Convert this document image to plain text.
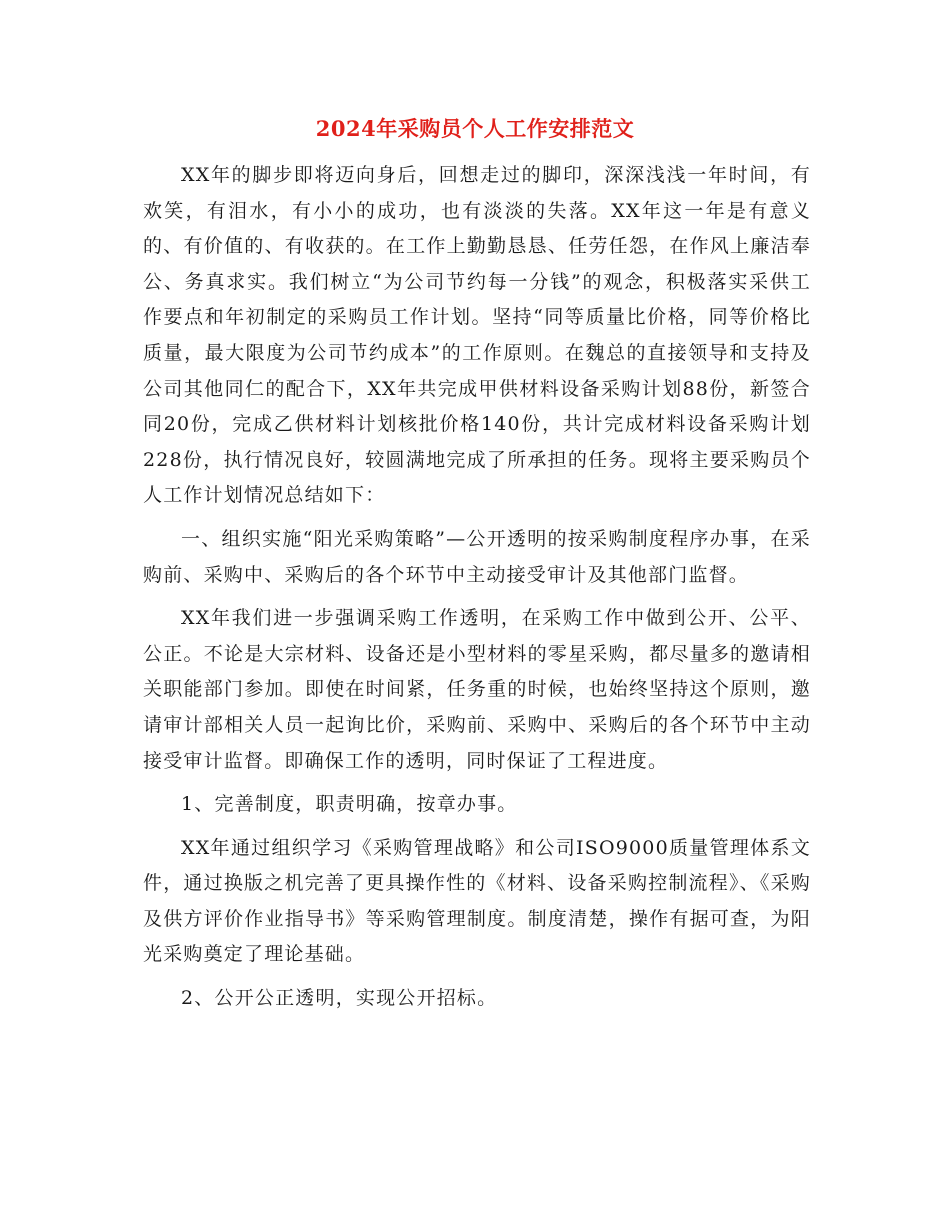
2024年采购员个人工作安排范文

XX年的脚步即将迈向身后，回想走过的脚印，深深浅浅一年时间，有欢笑，有泪水，有小小的成功，也有淡淡的失落。XX年这一年是有意义的、有价值的、有收获的。在工作上勤勤恳恳、任劳任怨，在作风上廉洁奉公、务真求实。我们树立“为公司节约每一分钱”的观念，积极落实采供工作要点和年初制定的采购员工作计划。坚持“同等质量比价格，同等价格比质量，最大限度为公司节约成本”的工作原则。在魏总的直接领导和支持及公司其他同仁的配合下，XX年共完成甲供材料设备采购计划88份，新签合同20份，完成乙供材料计划核批价格140份，共计完成材料设备采购计划228份，执行情况良好，较圆满地完成了所承担的任务。现将主要采购员个人工作计划情况总结如下：

一、组织实施“阳光采购策略”—公开透明的按采购制度程序办事，在采购前、采购中、采购后的各个环节中主动接受审计及其他部门监督。

XX年我们进一步强调采购工作透明，在采购工作中做到公开、公平、公正。不论是大宗材料、设备还是小型材料的零星采购，都尽量多的邀请相关职能部门参加。即使在时间紧，任务重的时候，也始终坚持这个原则，邀请审计部相关人员一起询比价，采购前、采购中、采购后的各个环节中主动接受审计监督。即确保工作的透明，同时保证了工程进度。

1、完善制度，职责明确，按章办事。

XX年通过组织学习《采购管理战略》和公司ISO9000质量管理体系文件，通过换版之机完善了更具操作性的《材料、设备采购控制流程》、《采购及供方评价作业指导书》等采购管理制度。制度清楚，操作有据可查，为阳光采购奠定了理论基础。

2、公开公正透明，实现公开招标。
